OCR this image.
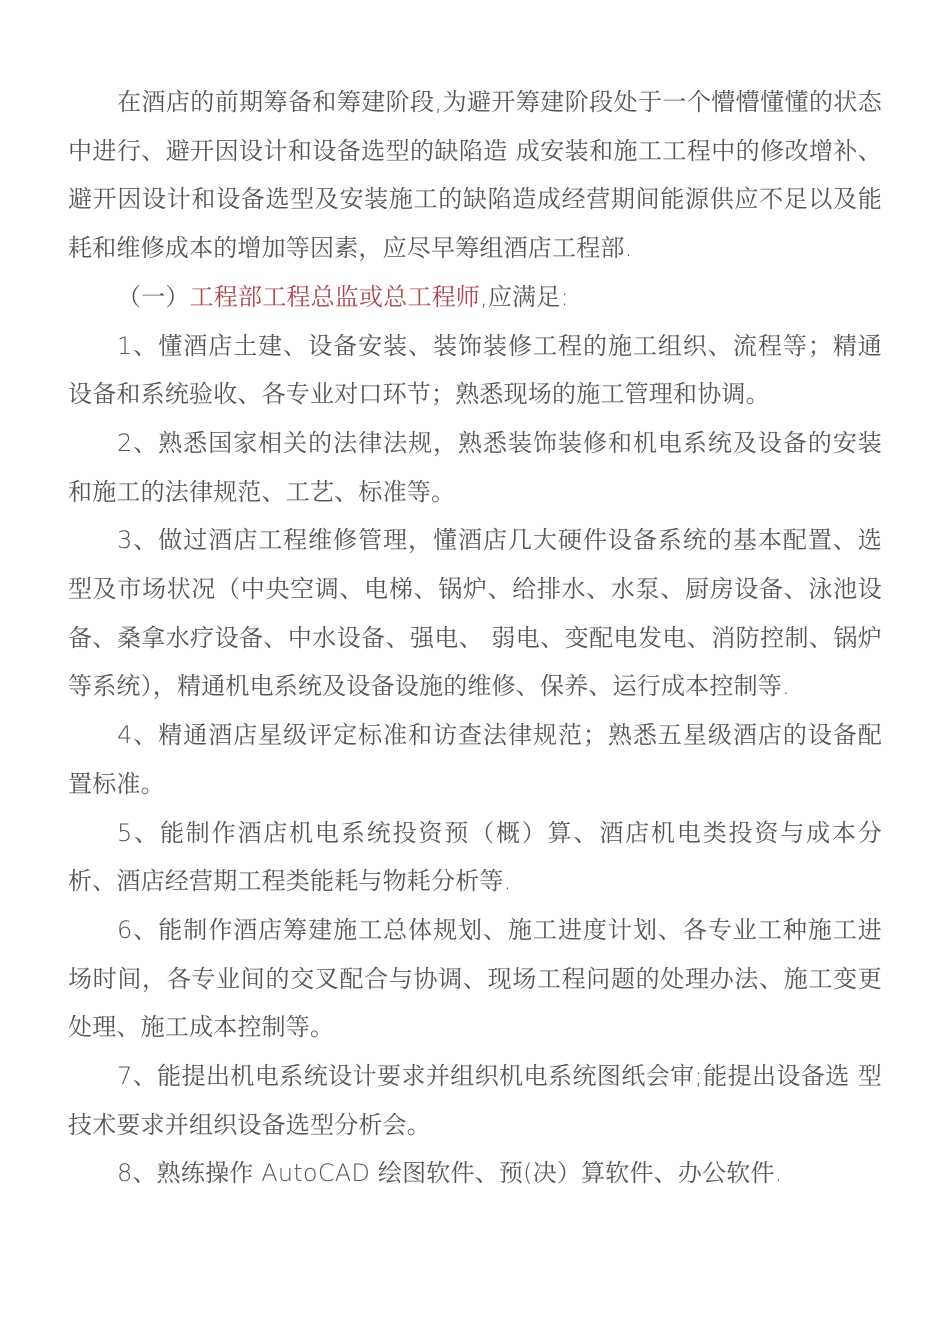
在酒店的前期筹备和筹建阶段,为避开筹建阶段处于一个懵懵懂懂的状态中进行、避开因设计和设备选型的缺陷造 成安装和施工工程中的修改增补、避开因设计和设备选型及安装施工的缺陷造成经营期间能源供应不足以及能耗和维修成本的增加等因素，应尽早筹组酒店工程部.

（一）工程部工程总监或总工程师,应满足:

1、懂酒店土建、设备安装、装饰装修工程的施工组织、流程等；精通设备和系统验收、各专业对口环节；熟悉现场的施工管理和协调。

2、熟悉国家相关的法律法规，熟悉装饰装修和机电系统及设备的安装和施工的法律规范、工艺、标准等。

3、做过酒店工程维修管理，懂酒店几大硬件设备系统的基本配置、选型及市场状况（中央空调、电梯、锅炉、给排水、水泵、厨房设备、泳池设备、桑拿水疗设备、中水设备、强电、 弱电、变配电发电、消防控制、锅炉等系统），精通机电系统及设备设施的维修、保养、运行成本控制等.

4、精通酒店星级评定标准和访查法律规范；熟悉五星级酒店的设备配置标准。

5、能制作酒店机电系统投资预（概）算、酒店机电类投资与成本分析、酒店经营期工程类能耗与物耗分析等.

6、能制作酒店筹建施工总体规划、施工进度计划、各专业工种施工进场时间，各专业间的交叉配合与协调、现场工程问题的处理办法、施工变更处理、施工成本控制等。

7、能提出机电系统设计要求并组织机电系统图纸会审;能提出设备选 型技术要求并组织设备选型分析会。

8、熟练操作 AutoCAD 绘图软件、预(决）算软件、办公软件.
